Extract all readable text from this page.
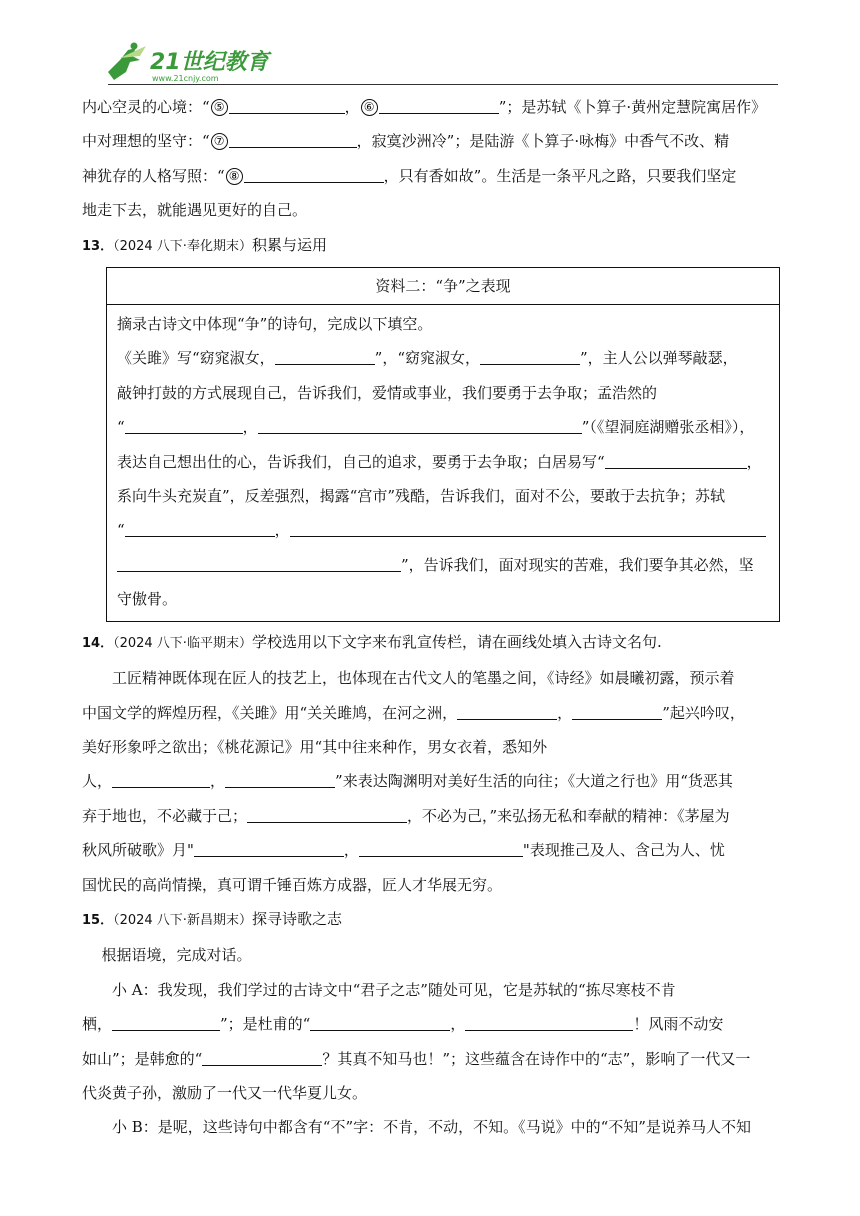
21世纪教育
www.21cnjy.com

内心空灵的心境：“ ⑤	， ⑥	”；是苏轼《卜算子·黄州定慧院寓居作》

中对理想的坚守：“ ⑦	，寂寞沙洲冷”；是陆游《卜算子·咏梅》中香气不改、精

神犹存的人格写照：“ ⑧	，只有香如故”。生活是一条平凡之路，只要我们坚定

地走下去，就能遇见更好的自己。

13．（2024 八下·奉化期末）积累与运用

资料二：“争”之表现

摘录古诗文中体现“争”的诗句，完成以下填空。

《关雎》写“窈窕淑女，	”，“窈窕淑女，	”，主人公以弹琴敲瑟，

敲钟打鼓的方式展现自己，告诉我们，爱情或事业，我们要勇于去争取；孟浩然的

“	，	”（《望洞庭湖赠张丞相》），

表达自己想出仕的心，告诉我们，自己的追求，要勇于去争取；白居易写“	，

系向牛头充炭直”，反差强烈，揭露“宫市”残酷，告诉我们，面对不公，要敢于去抗争；苏轼

“	，

”，告诉我们，面对现实的苦难，我们要争其必然，坚

守傲骨。

14．（2024 八下·临平期末）学校选用以下文字来布乳宣传栏，请在画线处填入古诗文名句.

工匠精神既体现在匠人的技艺上，也体现在古代文人的笔墨之间，《诗经》如晨曦初露，预示着

中国文学的辉煌历程，《关雎》用“关关雎鸠，在河之洲，	，	”起兴吟叹，

美好形象呼之欲出；《桃花源记》用“其中往来种作，男女衣着，悉知外

人，	，	”来表达陶渊明对美好生活的向往；《大道之行也》用“货恶其

弃于地也，不必藏于己；	，不必为己，”来弘扬无私和奉献的精神：《茅屋为

秋风所破歌》月"	，	"表现推己及人、含己为人、忧

国忧民的高尚情操，真可谓千锤百炼方成器，匠人才华展无穷。

15．（2024 八下·新昌期末）探寻诗歌之志

根据语境，完成对话。

小 A：我发现，我们学过的古诗文中“君子之志”随处可见，它是苏轼的“拣尽寒枝不肯

栖，	”；是杜甫的“	，	！风雨不动安

如山”；是韩愈的“	？其真不知马也！”；这些蕴含在诗作中的“志”，影响了一代又一

代炎黄子孙，激励了一代又一代华夏儿女。

小 B：是呢，这些诗句中都含有“不”字：不肯，不动，不知。《马说》中的“不知”是说养马人不知
